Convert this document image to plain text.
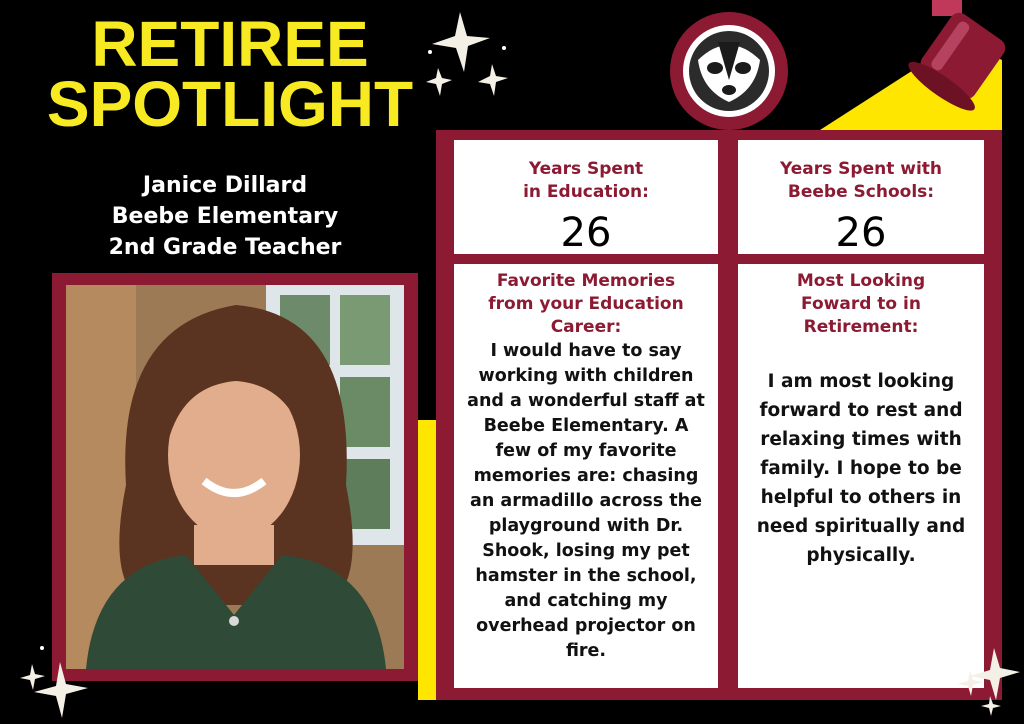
RETIREE
SPOTLIGHT
Janice Dillard
Beebe Elementary
2nd Grade Teacher
Years Spent
in Education:
26
Years Spent with
Beebe Schools:
26
Favorite Memories
from your Education
Career:
I would have to say working with children and a wonderful staff at Beebe Elementary. A few of my favorite memories are: chasing an armadillo across the playground with Dr. Shook, losing my pet hamster in the school, and catching my overhead projector on fire.
Most Looking
Foward to in
Retirement:
I am most looking forward to rest and relaxing times with family. I hope to be helpful to others in need spiritually and physically.
